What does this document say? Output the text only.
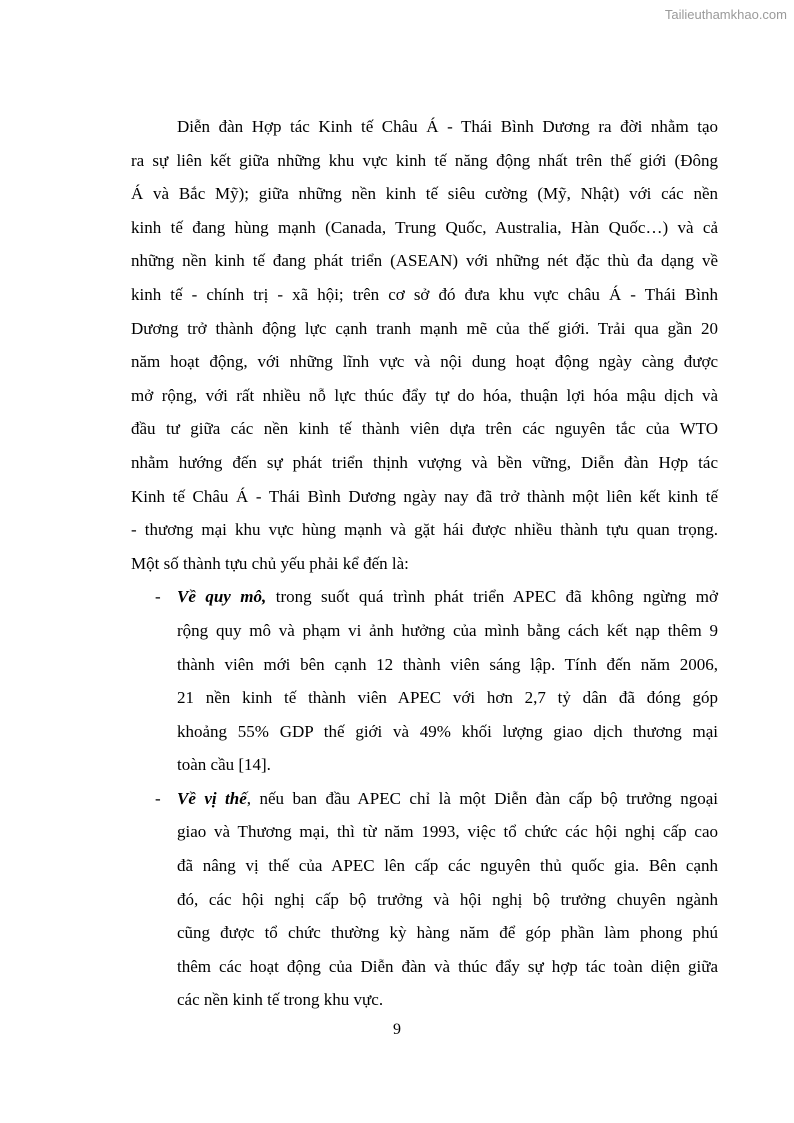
Tailieuthamkhao.com
Diễn đàn Hợp tác Kinh tế Châu Á - Thái Bình Dương ra đời nhằm tạo
ra sự liên kết giữa những khu vực kinh tế năng động nhất trên thế giới (Đông
Á và Bắc Mỹ); giữa những nền kinh tế siêu cường (Mỹ, Nhật) với các nền
kinh tế đang hùng mạnh (Canada, Trung Quốc, Australia, Hàn Quốc…) và cả
những nền kinh tế đang phát triển (ASEAN) với những nét đặc thù đa dạng về
kinh tế - chính trị - xã hội; trên cơ sở đó đưa khu vực châu Á - Thái Bình
Dương trở thành động lực cạnh tranh mạnh mẽ của thế giới. Trải qua gần 20
năm hoạt động, với những lĩnh vực và nội dung hoạt động ngày càng được
mở rộng, với rất nhiều nỗ lực thúc đẩy tự do hóa, thuận lợi hóa mậu dịch và
đầu tư giữa các nền kinh tế thành viên dựa trên các nguyên tắc của WTO
nhằm hướng đến sự phát triển thịnh vượng và bền vững, Diễn đàn Hợp tác
Kinh tế Châu Á - Thái Bình Dương ngày nay đã trở thành một liên kết kinh tế
- thương mại khu vực hùng mạnh và gặt hái được nhiều thành tựu quan trọng.
Một số thành tựu chủ yếu phải kể đến là:
- Về quy mô, trong suốt quá trình phát triển APEC đã không ngừng mở
rộng quy mô và phạm vi ảnh hưởng của mình bằng cách kết nạp thêm 9
thành viên mới bên cạnh 12 thành viên sáng lập. Tính đến năm 2006,
21 nền kinh tế thành viên APEC với hơn 2,7 tỷ dân đã đóng góp
khoảng 55% GDP thế giới và 49% khối lượng giao dịch thương mại
toàn cầu [14].
- Về vị thế, nếu ban đầu APEC chỉ là một Diễn đàn cấp bộ trưởng ngoại
giao và Thương mại, thì từ năm 1993, việc tổ chức các hội nghị cấp cao
đã nâng vị thế của APEC lên cấp các nguyên thủ quốc gia. Bên cạnh
đó, các hội nghị cấp bộ trưởng và hội nghị bộ trưởng chuyên ngành
cũng được tổ chức thường kỳ hàng năm để góp phần làm phong phú
thêm các hoạt động của Diễn đàn và thúc đẩy sự hợp tác toàn diện giữa
các nền kinh tế trong khu vực.
9
